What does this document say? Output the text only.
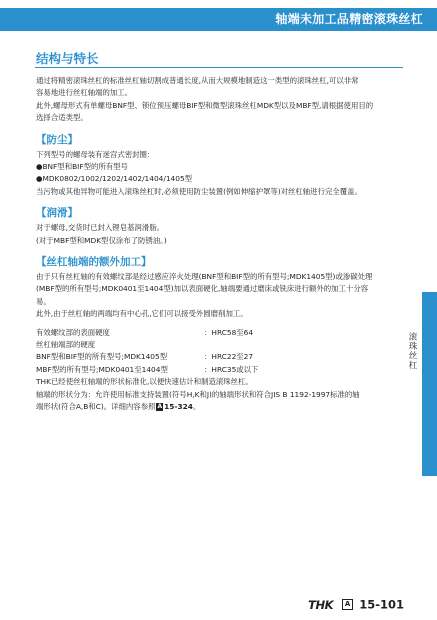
轴端未加工品精密滚珠丝杠
结构与特长

通过将精密滚珠丝杠的标准丝杠轴切割成普通长度,从而大规模地制造这一类型的滚珠丝杠,可以非常

容易地进行丝杠轴端的加工。

此外,螺母形式有单螺母BNF型、锁位预压螺母BIF型和微型滚珠丝杠MDK型以及MBF型,请根据使用目的

选择合适类型。

【防尘】

下列型号的螺母装有迷宫式密封圈：

●BNF型和BIF型的所有型号

●MDK0802/1002/1202/1402/1404/1405型

当污物或其他异物可能进入滚珠丝杠时,必须使用防尘装置(例如伸缩护罩等)对丝杠轴进行完全覆盖。

【润滑】

对于螺母,交货时已封入锂皂基润滑脂。

(对于MBF型和MDK型仅涂布了防锈油。)

【丝杠轴端的额外加工】

由于只有丝杠轴的有效螺纹部是经过感应淬火处理(BNF型和BIF型的所有型号;MDK1405型)或渗碳处理

(MBF型的所有型号;MDK0401至1404型)加以表面硬化,轴端要通过磨床或铣床进行额外的加工十分容

易。

此外,由于丝杠轴的两端均有中心孔,它们可以接受外圆磨削加工。

有效螺纹部的表面硬度	：HRC58至64
丝杠轴端部的硬度
BNF型和BIF型的所有型号;MDK1405型	：HRC22至27
MBF型的所有型号;MDK0401至1404型	：HRC35或以下

THK已经使丝杠轴端的形状标准化,以便快速估计和制造滚珠丝杠。

轴端的形状分为：允许使用标准支持装置(符号H,K和J)的轴端形状和符合JIS B 1192-1997标准的轴

端形状(符合A,B和C)。详细内容参照 A 15-324。

滚珠丝杠
THK A 15-101
